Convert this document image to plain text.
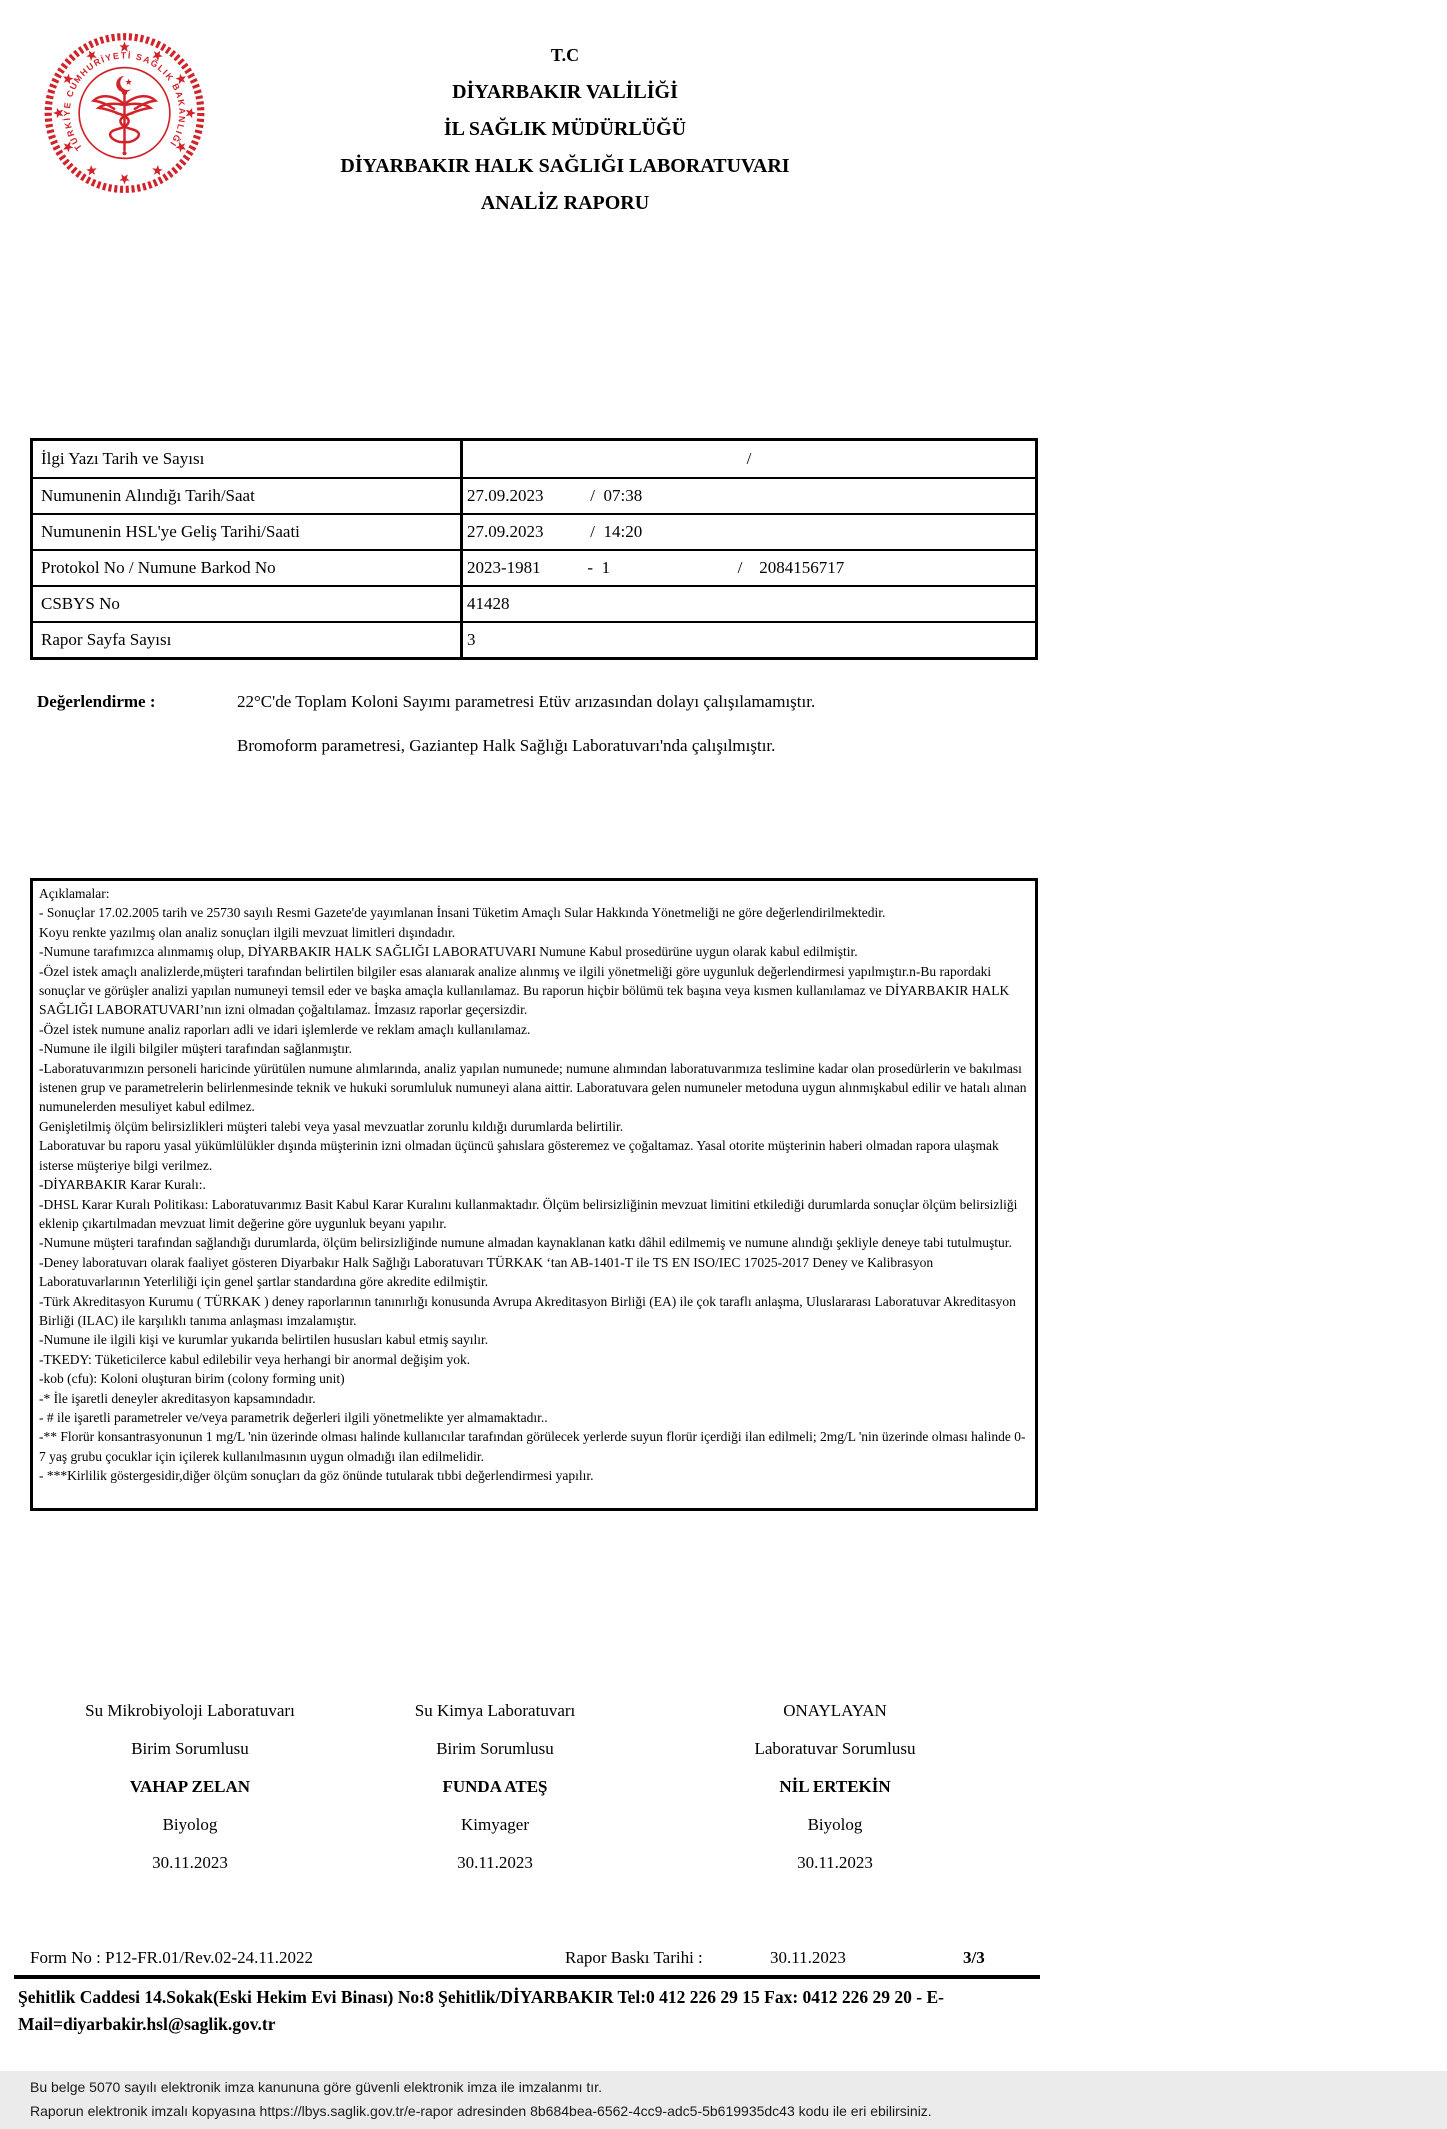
TÜRKİYE CUMHURİYETİ SAĞLIK BAKANLIĞI
T.C
DİYARBAKIR VALİLİĞİ
İL SAĞLIK MÜDÜRLÜĞÜ
DİYARBAKIR HALK SAĞLIĞI LABORATUVARI
ANALİZ RAPORU
İlgi Yazı Tarih ve Sayısı	/
Numunenin Alındığı Tarih/Saat	27.09.2023           /  07:38
Numunenin HSL'ye Geliş Tarihi/Saati	27.09.2023           /  14:20
Protokol No / Numune Barkod No	2023-1981           -  1                              /    2084156717
CSBYS No	41428
Rapor Sayfa Sayısı	3
Değerlendirme :	22°C'de Toplam Koloni Sayımı parametresi Etüv arızasından dolayı çalışılamamıştır.
Bromoform parametresi, Gaziantep Halk Sağlığı Laboratuvarı'nda çalışılmıştır.

Açıklamalar:

- Sonuçlar 17.02.2005 tarih ve 25730 sayılı Resmi Gazete'de yayımlanan İnsani Tüketim Amaçlı Sular Hakkında Yönetmeliği ne göre değerlendirilmektedir.

Koyu renkte yazılmış olan analiz sonuçları ilgili mevzuat limitleri dışındadır.

-Numune tarafımızca alınmamış olup, DİYARBAKIR HALK SAĞLIĞI LABORATUVARI Numune Kabul prosedürüne uygun olarak kabul edilmiştir.

-Özel istek amaçlı analizlerde,müşteri tarafından belirtilen bilgiler esas alanıarak analize alınmış ve ilgili yönetmeliği göre uygunluk değerlendirmesi yapılmıştır.n-Bu rapordaki sonuçlar ve görüşler analizi yapılan numuneyi temsil eder ve başka amaçla kullanılamaz. Bu raporun hiçbir bölümü tek başına veya kısmen kullanılamaz ve DİYARBAKIR HALK SAĞLIĞI LABORATUVARI’nın izni olmadan çoğaltılamaz. İmzasız raporlar geçersizdir.

-Özel istek numune analiz raporları adli ve idari işlemlerde ve reklam amaçlı kullanılamaz.

-Numune ile ilgili bilgiler müşteri tarafından sağlanmıştır.

-Laboratuvarımızın personeli haricinde yürütülen numune alımlarında, analiz yapılan numunede; numune alımından laboratuvarımıza teslimine kadar olan prosedürlerin ve bakılması istenen grup ve parametrelerin belirlenmesinde teknik ve hukuki sorumluluk numuneyi alana aittir. Laboratuvara gelen numuneler metoduna uygun alınmışkabul edilir ve hatalı alınan numunelerden mesuliyet kabul edilmez.

Genişletilmiş ölçüm belirsizlikleri müşteri talebi veya yasal mevzuatlar zorunlu kıldığı durumlarda belirtilir.

Laboratuvar bu raporu yasal yükümlülükler dışında müşterinin izni olmadan üçüncü şahıslara gösteremez ve çoğaltamaz. Yasal otorite müşterinin haberi olmadan rapora ulaşmak isterse müşteriye bilgi verilmez.

-DİYARBAKIR Karar Kuralı:.

-DHSL Karar Kuralı Politikası: Laboratuvarımız Basit Kabul Karar Kuralını kullanmaktadır. Ölçüm belirsizliğinin mevzuat limitini etkilediği durumlarda sonuçlar ölçüm belirsizliği eklenip çıkartılmadan mevzuat limit değerine göre uygunluk beyanı yapılır.

-Numune müşteri tarafından sağlandığı durumlarda, ölçüm belirsizliğinde numune almadan kaynaklanan katkı dâhil edilmemiş ve numune alındığı şekliyle deneye tabi tutulmuştur.

-Deney laboratuvarı olarak faaliyet gösteren Diyarbakır Halk Sağlığı Laboratuvarı TÜRKAK ‘tan AB-1401-T ile TS EN ISO/IEC 17025-2017 Deney ve Kalibrasyon Laboratuvarlarının Yeterliliği için genel şartlar standardına göre akredite edilmiştir.

-Türk Akreditasyon Kurumu ( TÜRKAK ) deney raporlarının tanınırlığı konusunda Avrupa Akreditasyon Birliği (EA) ile çok taraflı anlaşma, Uluslararası Laboratuvar Akreditasyon Birliği (ILAC) ile karşılıklı tanıma anlaşması imzalamıştır.

-Numune ile ilgili kişi ve kurumlar yukarıda belirtilen hususları kabul etmiş sayılır.

-TKEDY: Tüketicilerce kabul edilebilir veya herhangi bir anormal değişim yok.

-kob (cfu): Koloni oluşturan birim (colony forming unit)

-* İle işaretli deneyler akreditasyon kapsamındadır.

- # ile işaretli parametreler ve/veya parametrik değerleri ilgili yönetmelikte yer almamaktadır..

-** Florür konsantrasyonunun 1 mg/L 'nin üzerinde olması halinde kullanıcılar tarafından görülecek yerlerde suyun florür içerdiği ilan edilmeli; 2mg/L 'nin üzerinde olması halinde 0-7 yaş grubu çocuklar için içilerek kullanılmasının uygun olmadığı ilan edilmelidir.

- ***Kirlilik göstergesidir,diğer ölçüm sonuçları da göz önünde tutularak tıbbi değerlendirmesi yapılır.

Su Mikrobiyoloji Laboratuvarı
Birim Sorumlusu
VAHAP ZELAN
Biyolog
30.11.2023
Su Kimya Laboratuvarı
Birim Sorumlusu
FUNDA ATEŞ
Kimyager
30.11.2023
ONAYLAYAN
Laboratuvar Sorumlusu
NİL ERTEKİN
Biyolog
30.11.2023
Form No : P12-FR.01/Rev.02-24.11.2022	Rapor Baskı Tarihi :	30.11.2023	3/3
Şehitlik Caddesi 14.Sokak(Eski Hekim Evi Binası) No:8 Şehitlik/DİYARBAKIR Tel:0 412 226 29 15 Fax: 0412 226 29 20 - E-
Mail=diyarbakir.hsl@saglik.gov.tr
Bu belge 5070 sayılı elektronik imza kanununa göre güvenli elektronik imza ile imzalanmı tır.
Raporun elektronik imzalı kopyasına https://lbys.saglik.gov.tr/e-rapor adresinden 8b684bea-6562-4cc9-adc5-5b619935dc43 kodu ile eri ebilirsiniz.
